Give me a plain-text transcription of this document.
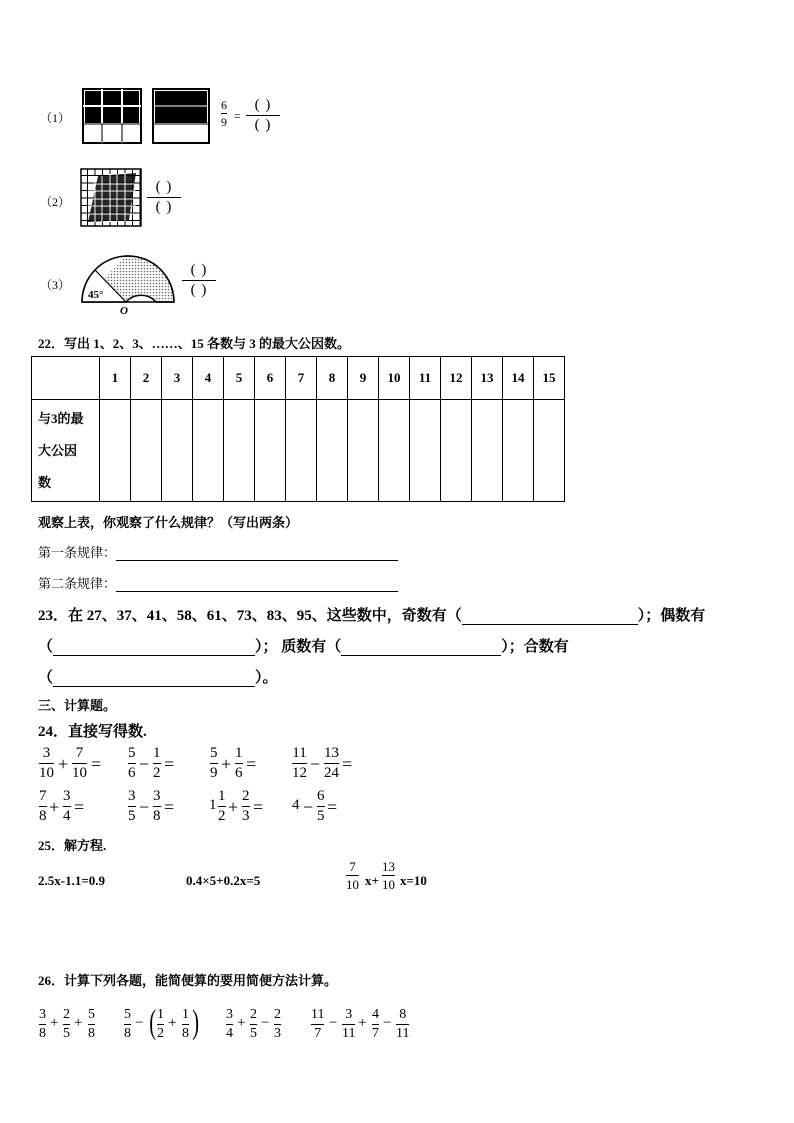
（1）
6
9 =
( )
( )
（2）
( )
( )
（3）
45°
O
( )
( )
22．写出 1、2、3、……、15 各数与 3 的最大公因数。
	1	2	3	4	5	6	7	8	9	10	11	12	13	14	15

与3的最
大公因
数															

观察上表，你观察了什么规律？（写出两条）
第一条规律：
第二条规律：
23．在 27、37、41、58、61、73、83、95、这些数中，奇数有（	）；偶数有
（	）； 质数有（	）；合数有
（	）。
三、计算题。
24．直接写得数.
3
10 +
7
10 =
5
6 −
1
2 =
5
9 +
1
6 =
11
12 −
13
24 =
7
8 +
3
4 =
3
5 −
3
8 = 1
1
2 +
2
3 = 4 −
6
5 =
25．解方程.
2.5x-1.1=0.9	0.4×5+0.2x=5
7
10 x+
13
10 x=10
26．计算下列各题，能简便算的要用简便方法计算。
3
8
+
2
5
+
5
8
5
8
− ( 1
2
+
1
8 ) 3
4
+
2
5
−
2
3
11
7
−
3
11
+
4
7
−
8
11
